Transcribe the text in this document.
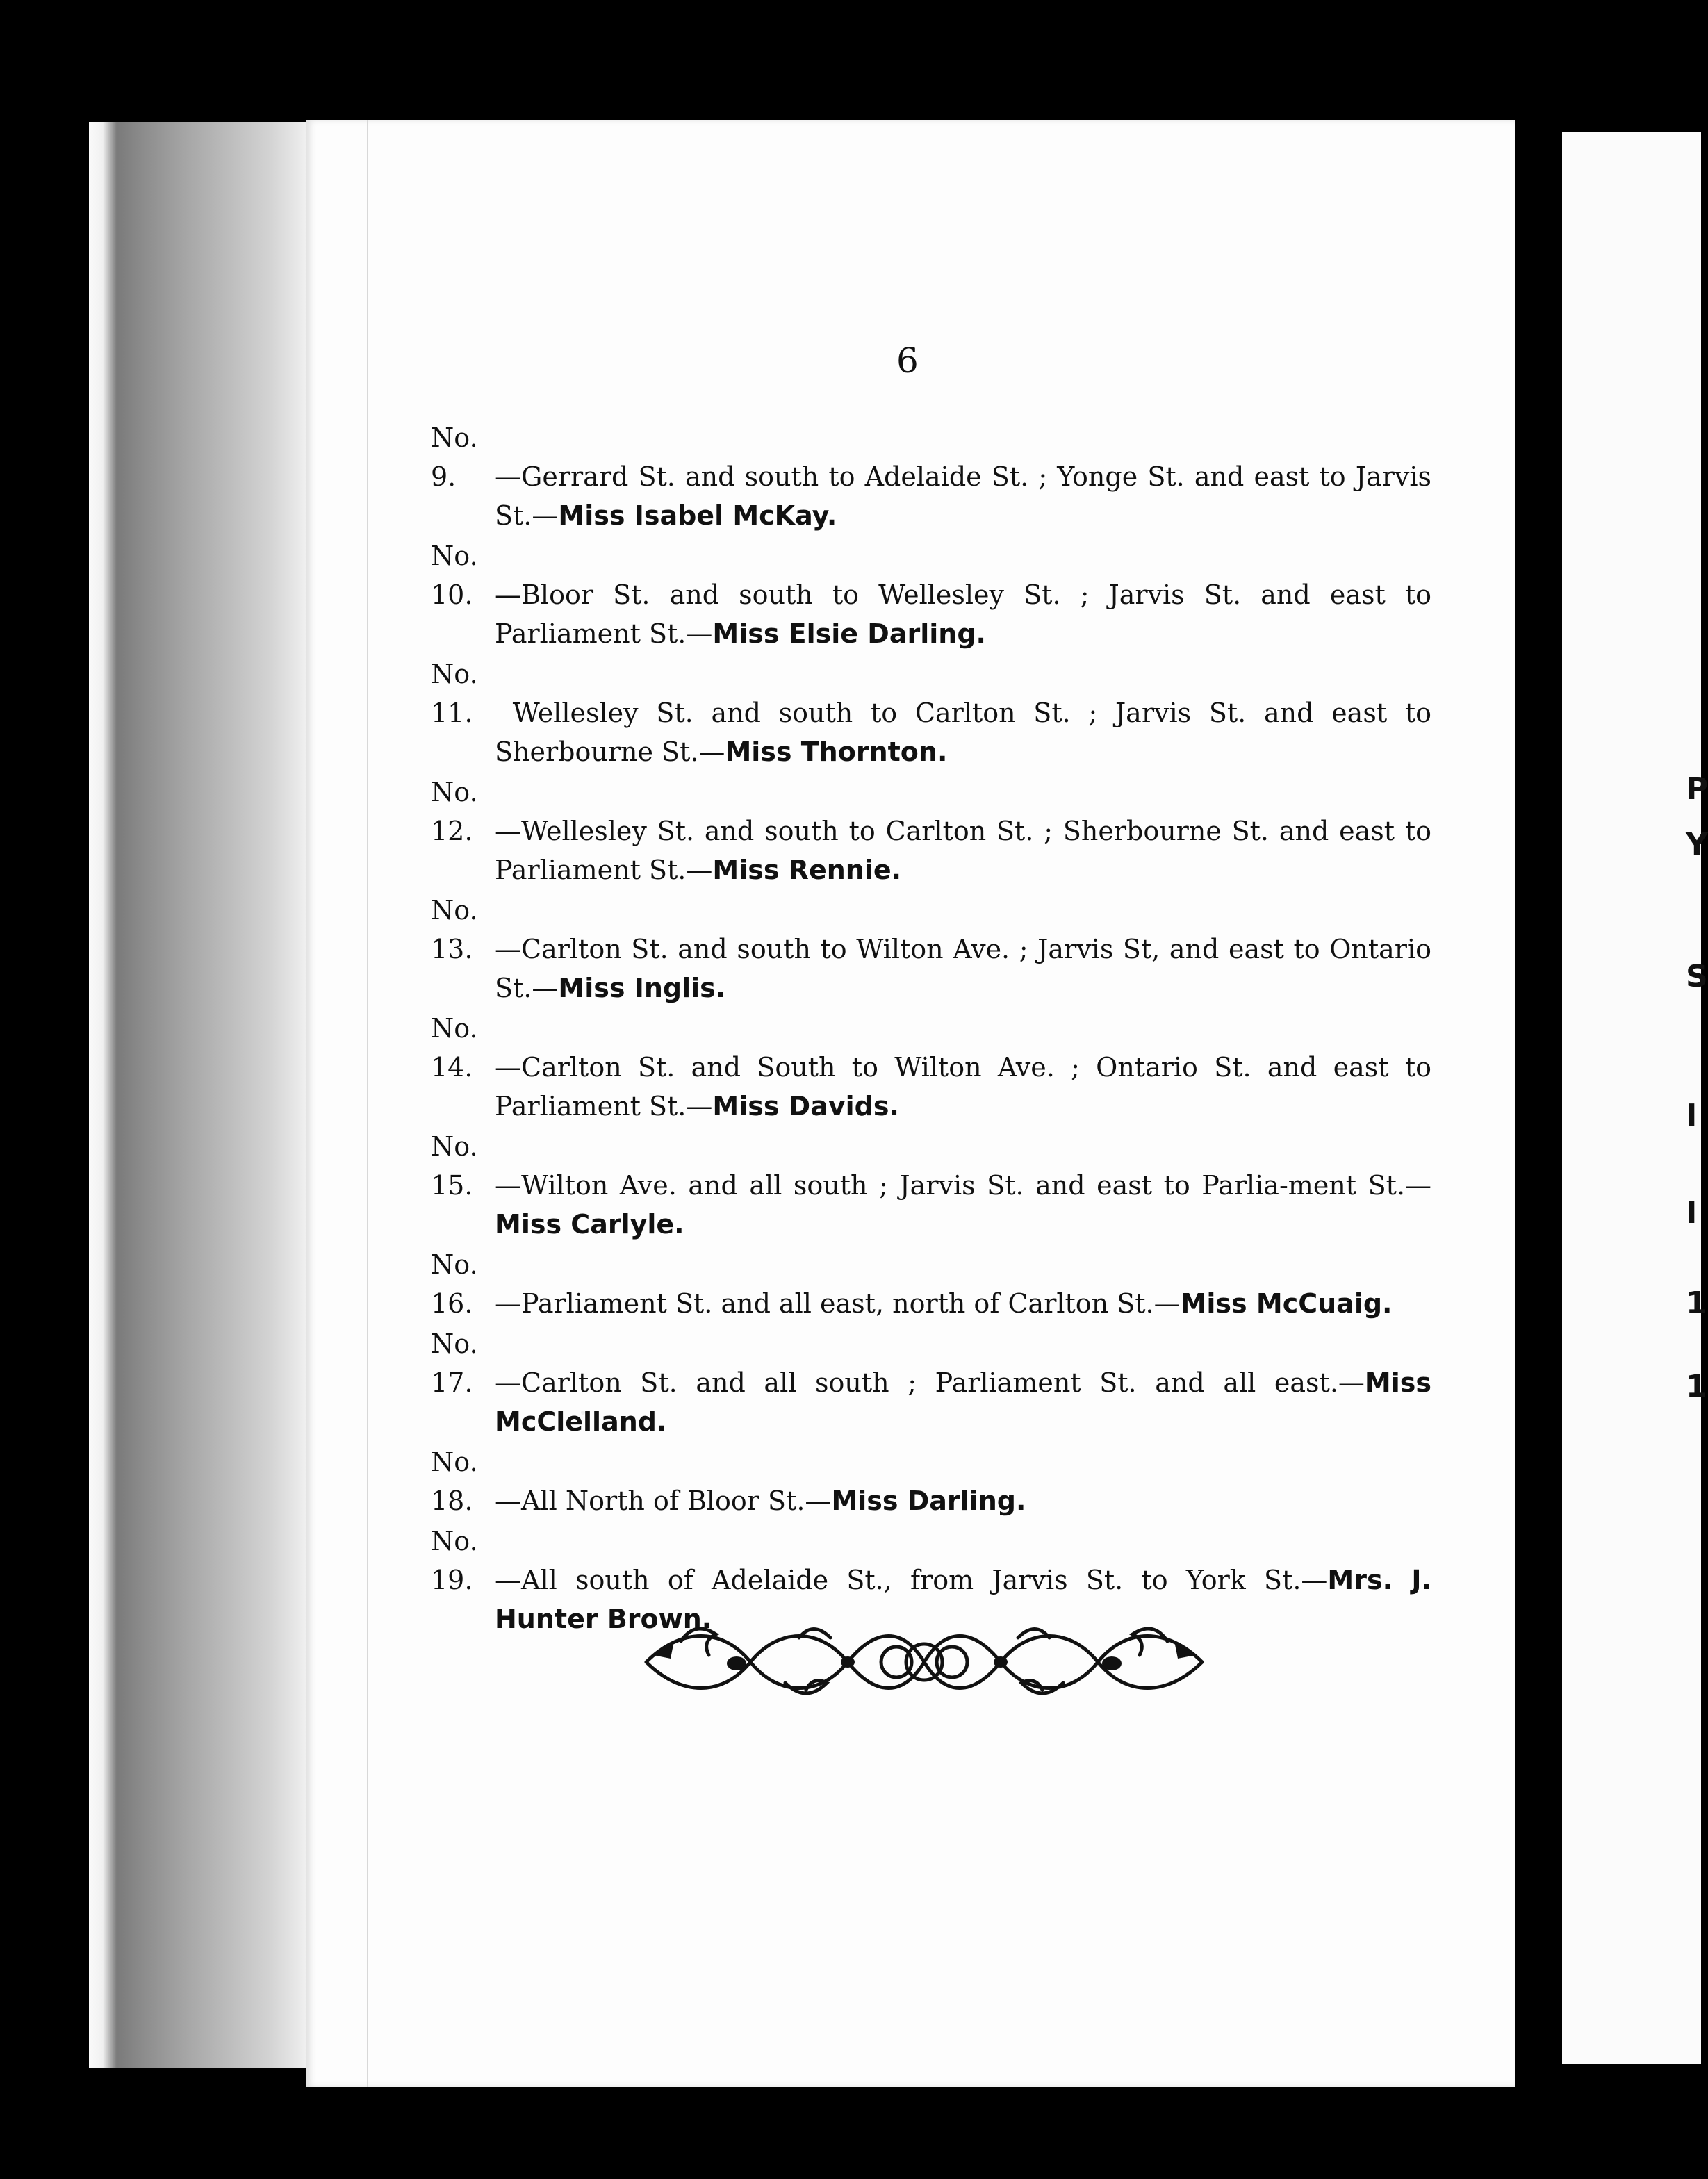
P
Y
S
I
I
1
1
6
No. 9. —Gerrard St. and south to Adelaide St. ; Yonge St. and east to Jarvis St.—Miss Isabel McKay.
No. 10. —Bloor St. and south to Wellesley St. ; Jarvis St. and east to Parliament St.—Miss Elsie Darling.
No. 11. Wellesley St. and south to Carlton St. ; Jarvis St. and east to Sherbourne St.—Miss Thornton.
No. 12. —Wellesley St. and south to Carlton St. ; Sherbourne St. and east to Parliament St.—Miss Rennie.
No. 13. —Carlton St. and south to Wilton Ave. ; Jarvis St, and east to Ontario St.—Miss Inglis.
No. 14. —Carlton St. and South to Wilton Ave. ; Ontario St. and east to Parliament St.—Miss Davids.
No. 15. —Wilton Ave. and all south ; Jarvis St. and east to Parlia-ment St.—Miss Carlyle.
No. 16. —Parliament St. and all east, north of Carlton St.—Miss McCuaig.
No. 17. —Carlton St. and all south ; Parliament St. and all east.—Miss McClelland.
No. 18. —All North of Bloor St.—Miss Darling.
No. 19. —All south of Adelaide St., from Jarvis St. to York St.—Mrs. J. Hunter Brown.
